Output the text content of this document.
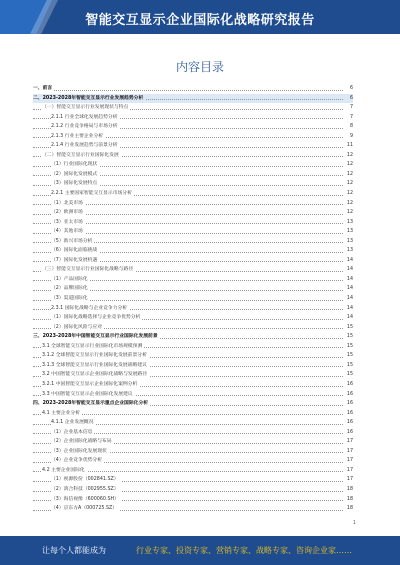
智能交互显示企业国际化战略研究报告
内容目录
一、前言	6
二、2023-2028年智能交互显示行业发展趋势分析	6
（一）智能交互显示行业发展现状与特点	7
2.1.1 行业全球化发展趋势分析	7
2.1.2 行业竞争格局与市场分析	8
2.1.3 行业主要企业分析	9
2.1.4 行业发展趋势与前景分析	11
（二）智能交互显示行业国际化发展	12
（1）行业国际化现状	12
（2）国际化发展模式	12
（3）国际化发展特点	12
2.2.1 主要国家智能交互显示市场分析	12
（1）北美市场	12
（2）欧洲市场	12
（3）亚太市场	13
（4）其他市场	13
（5）新兴市场分析	13
（6）国际化面临挑战	13
（7）国际化发展机遇	14
（三）智能交互显示行业国际化战略与路径	14
（1）产品国际化	14
（2）品牌国际化	14
（3）渠道国际化	14
2.3.1 国际化战略与企业竞争力分析	14
（1）国际化战略选择与企业竞争优势分析	14
（2）国际化风险与应对	15
三、2023-2028年中国智能交互显示行业国际化发展前景	15
3.1 全球智能交互显示行业国际化市场规模预测	15
3.1.2 全球智能交互显示行业国际化发展前景分析	15
3.1.3 全球智能交互显示行业国际化发展战略建议	15
3.2 中国智能交互显示企业国际化战略与发展路径	15
3.2.1 中国智能交互显示企业国际化案例分析	16
3.3 中国智能交互显示企业国际化发展建议	16
四、2023-2028年智能交互显示重点企业国际化分析	16
4.1 主要企业分析	16
4.1.1 企业发展概况	16
（1）企业基本信息	16
（2）企业国际化战略与布局	17
（3）企业国际化发展现状	17
（4）企业竞争优势分析	17
4.2 主要企业国际化	17
（1）视源股份（002841.SZ）	17
（2）鸿合科技（002955.SZ）	18
（3）海信视像（600060.SH）	18
（4）京东方A（000725.SZ）	18
1
让每个人都能成为	行业专家、投资专家、营销专家、战略专家、咨询企业家……
